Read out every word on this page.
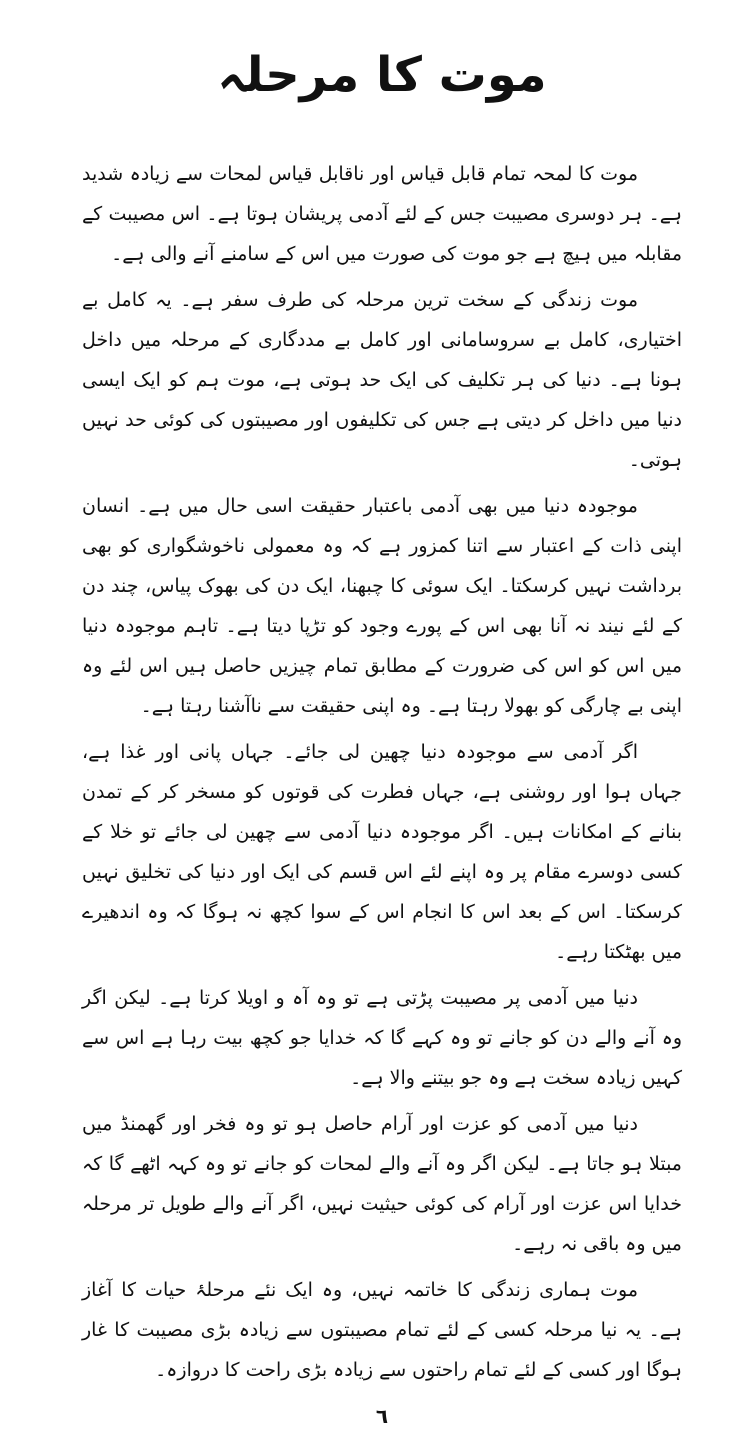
موت کا مرحلہ

موت کا لمحہ تمام قابل قیاس اور ناقابل قیاس لمحات سے زیادہ شدید ہے۔ ہر دوسری مصیبت جس کے لئے آدمی پریشان ہوتا ہے۔ اس مصیبت کے مقابلہ میں ہیچ ہے جو موت کی صورت میں اس کے سامنے آنے والی ہے۔

موت زندگی کے سخت ترین مرحلہ کی طرف سفر ہے۔ یہ کامل بے اختیاری، کامل بے سروسامانی اور کامل بے مددگاری کے مرحلہ میں داخل ہونا ہے۔ دنیا کی ہر تکلیف کی ایک حد ہوتی ہے، موت ہم کو ایک ایسی دنیا میں داخل کر دیتی ہے جس کی تکلیفوں اور مصیبتوں کی کوئی حد نہیں ہوتی۔

موجودہ دنیا میں بھی آدمی باعتبار حقیقت اسی حال میں ہے۔ انسان اپنی ذات کے اعتبار سے اتنا کمزور ہے کہ وہ معمولی ناخوشگواری کو بھی برداشت نہیں کرسکتا۔ ایک سوئی کا چبھنا، ایک دن کی بھوک پیاس، چند دن کے لئے نیند نہ آنا بھی اس کے پورے وجود کو تڑپا دیتا ہے۔ تاہم موجودہ دنیا میں اس کو اس کی ضرورت کے مطابق تمام چیزیں حاصل ہیں اس لئے وہ اپنی بے چارگی کو بھولا رہتا ہے۔ وہ اپنی حقیقت سے ناآشنا رہتا ہے۔

اگر آدمی سے موجودہ دنیا چھین لی جائے۔ جہاں پانی اور غذا ہے، جہاں ہوا اور روشنی ہے، جہاں فطرت کی قوتوں کو مسخر کر کے تمدن بنانے کے امکانات ہیں۔ اگر موجودہ دنیا آدمی سے چھین لی جائے تو خلا کے کسی دوسرے مقام پر وہ اپنے لئے اس قسم کی ایک اور دنیا کی تخلیق نہیں کرسکتا۔ اس کے بعد اس کا انجام اس کے سوا کچھ نہ ہوگا کہ وہ اندھیرے میں بھٹکتا رہے۔

دنیا میں آدمی پر مصیبت پڑتی ہے تو وہ آہ و اویلا کرتا ہے۔ لیکن اگر وہ آنے والے دن کو جانے تو وہ کہے گا کہ خدایا جو کچھ بیت رہا ہے اس سے کہیں زیادہ سخت ہے وہ جو بیتنے والا ہے۔

دنیا میں آدمی کو عزت اور آرام حاصل ہو تو وہ فخر اور گھمنڈ میں مبتلا ہو جاتا ہے۔ لیکن اگر وہ آنے والے لمحات کو جانے تو وہ کہہ اٹھے گا کہ خدایا اس عزت اور آرام کی کوئی حیثیت نہیں، اگر آنے والے طویل تر مرحلہ میں وہ باقی نہ رہے۔

موت ہماری زندگی کا خاتمہ نہیں، وہ ایک نئے مرحلۂ حیات کا آغاز ہے۔ یہ نیا مرحلہ کسی کے لئے تمام مصیبتوں سے زیادہ بڑی مصیبت کا غار ہوگا اور کسی کے لئے تمام راحتوں سے زیادہ بڑی راحت کا دروازہ۔

٦
